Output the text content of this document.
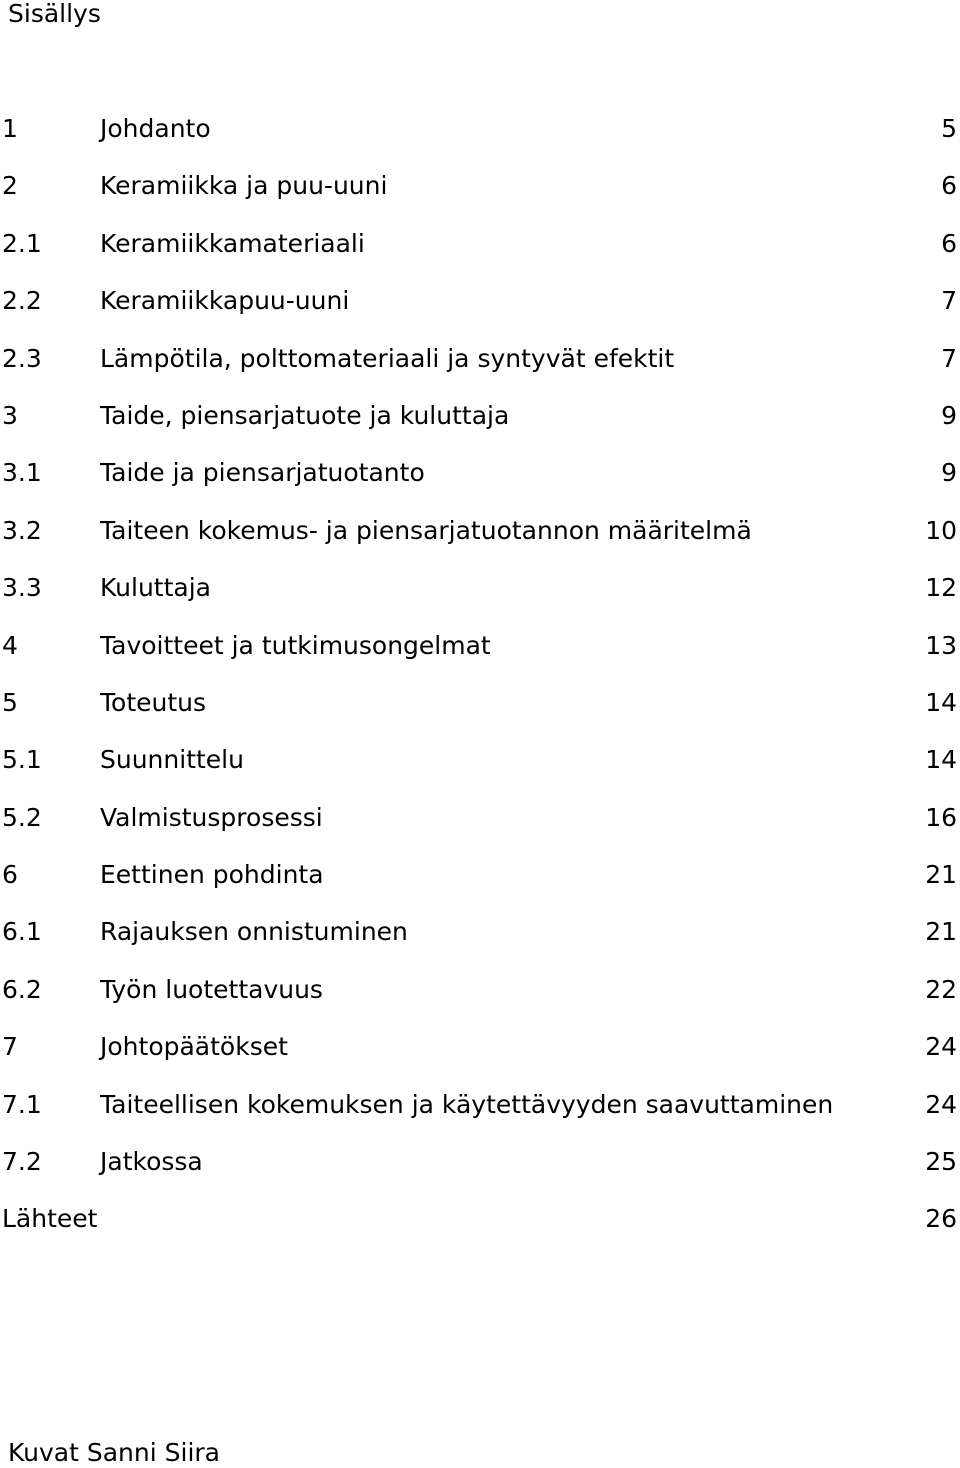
Sisällys
1	Johdanto	5
2	Keramiikka ja puu-uuni	6
2.1 Keramiikkamateriaali	6
2.2 Keramiikkapuu-uuni	7
2.3 Lämpötila, polttomateriaali ja syntyvät efektit	7
3	Taide, piensarjatuote ja kuluttaja	9
3.1 Taide ja piensarjatuotanto	9
3.2 Taiteen kokemus- ja piensarjatuotannon määritelmä	10
3.3 Kuluttaja	12
4	Tavoitteet ja tutkimusongelmat	13
5	Toteutus	14
5.1 Suunnittelu	14
5.2 Valmistusprosessi	16
6	Eettinen pohdinta	21
6.1 Rajauksen onnistuminen	21
6.2 Työn luotettavuus	22
7	Johtopäätökset	24
7.1 Taiteellisen kokemuksen ja käytettävyyden saavuttaminen	24
7.2 Jatkossa	25
Lähteet	26
Kuvat Sanni Siira
